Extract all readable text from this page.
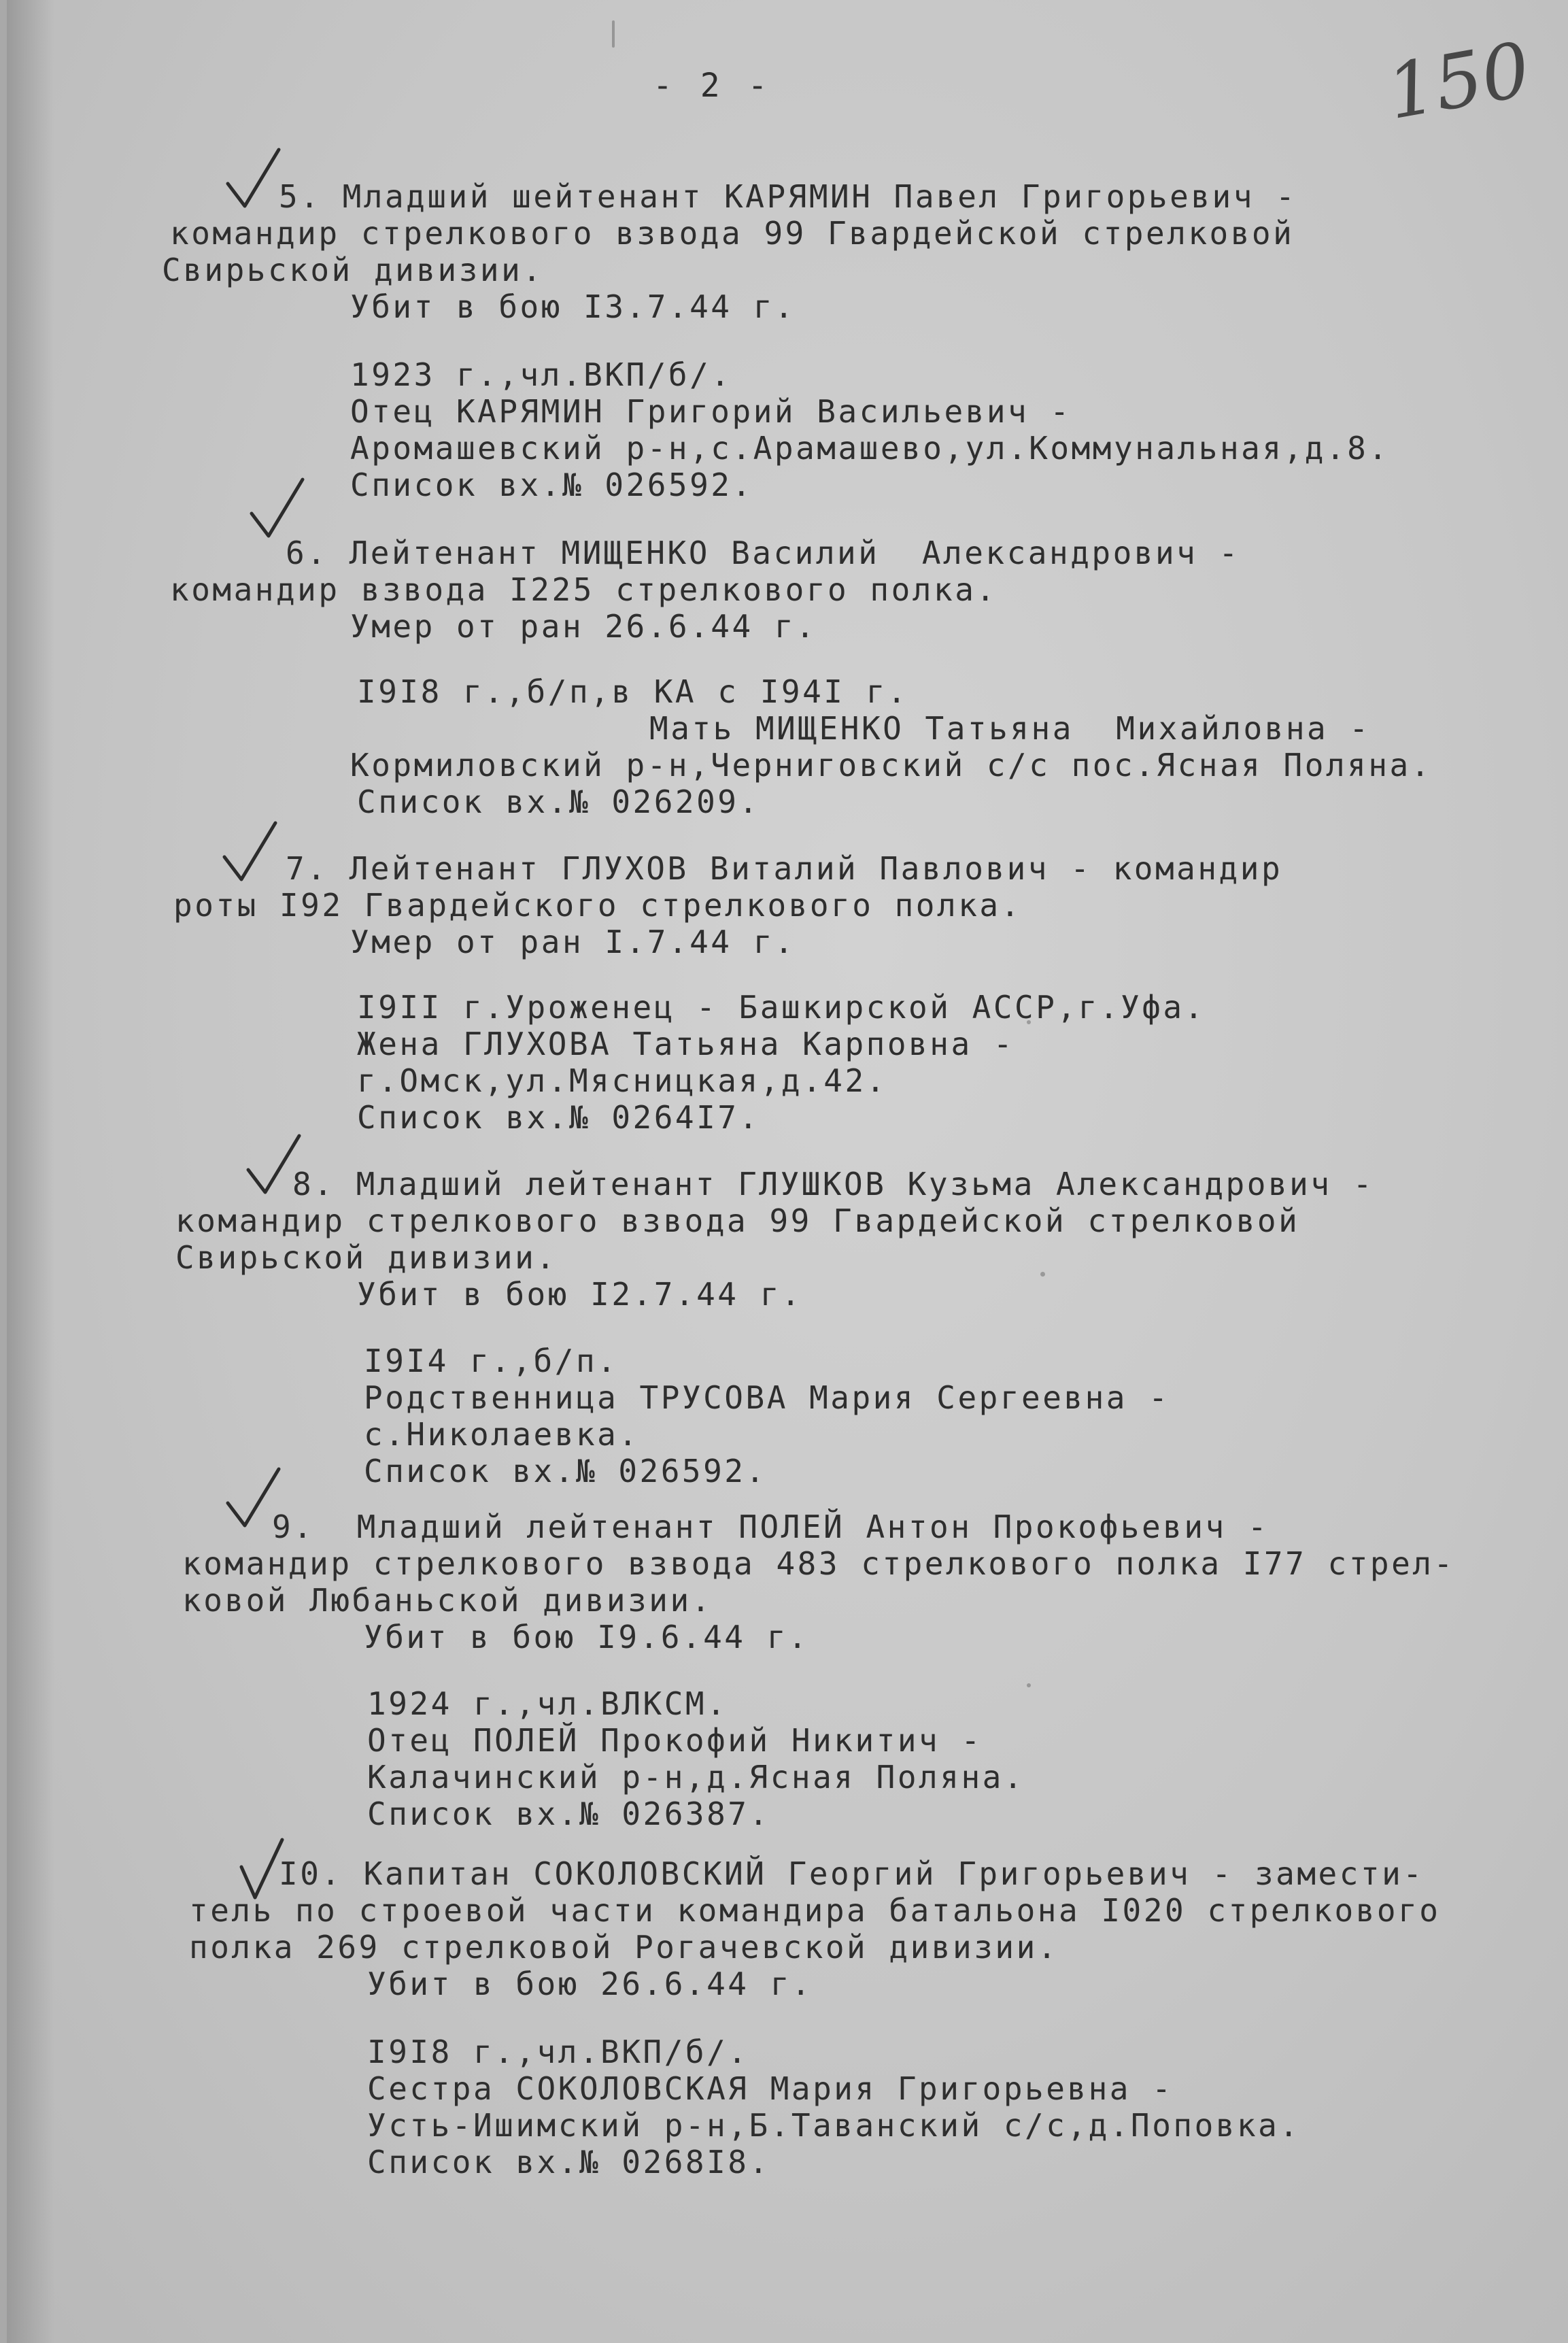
- 2 -	150

5. Младший шейтенант КАРЯМИН Павел Григорьевич -

командир стрелкового взвода 99 Гвардейской стрелковой

Свирьской дивизии.

Убит в бою I3.7.44 г.

1923 г.,чл.ВКП/б/.

Отец КАРЯМИН Григорий Васильевич -

Аромашевский р-н,с.Арамашево,ул.Коммунальная,д.8.

Список вх.№ 026592.

6. Лейтенант МИЩЕНКО Василий  Александрович -

командир взвода I225 стрелкового полка.

Умер от ран 26.6.44 г.

I9I8 г.,б/п,в КА с I94I г.

Мать МИЩЕНКО Татьяна  Михайловна -

Кормиловский р-н,Черниговский с/с пос.Ясная Поляна.

Список вх.№ 026209.

7. Лейтенант ГЛУХОВ Виталий Павлович - командир

роты I92 Гвардейского стрелкового полка.

Умер от ран I.7.44 г.

I9II г.Уроженец - Башкирской АССР,г.Уфа.

Жена ГЛУХОВА Татьяна Карповна -

г.Омск,ул.Мясницкая,д.42.

Список вх.№ 0264I7.

8. Младший лейтенант ГЛУШКОВ Кузьма Александрович -

командир стрелкового взвода 99 Гвардейской стрелковой

Свирьской дивизии.

Убит в бою I2.7.44 г.

I9I4 г.,б/п.

Родственница ТРУСОВА Мария Сергеевна -

с.Николаевка.

Список вх.№ 026592.

9.  Младший лейтенант ПОЛЕЙ Антон Прокофьевич -

командир стрелкового взвода 483 стрелкового полка I77 стрел-

ковой Любаньской дивизии.

Убит в бою I9.6.44 г.

1924 г.,чл.ВЛКСМ.

Отец ПОЛЕЙ Прокофий Никитич -

Калачинский р-н,д.Ясная Поляна.

Список вх.№ 026387.

I0. Капитан СОКОЛОВСКИЙ Георгий Григорьевич - замести-

тель по строевой части командира батальона I020 стрелкового

полка 269 стрелковой Рогачевской дивизии.

Убит в бою 26.6.44 г.

I9I8 г.,чл.ВКП/б/.

Сестра СОКОЛОВСКАЯ Мария Григорьевна -

Усть-Ишимский р-н,Б.Таванский с/с,д.Поповка.

Список вх.№ 0268I8.
